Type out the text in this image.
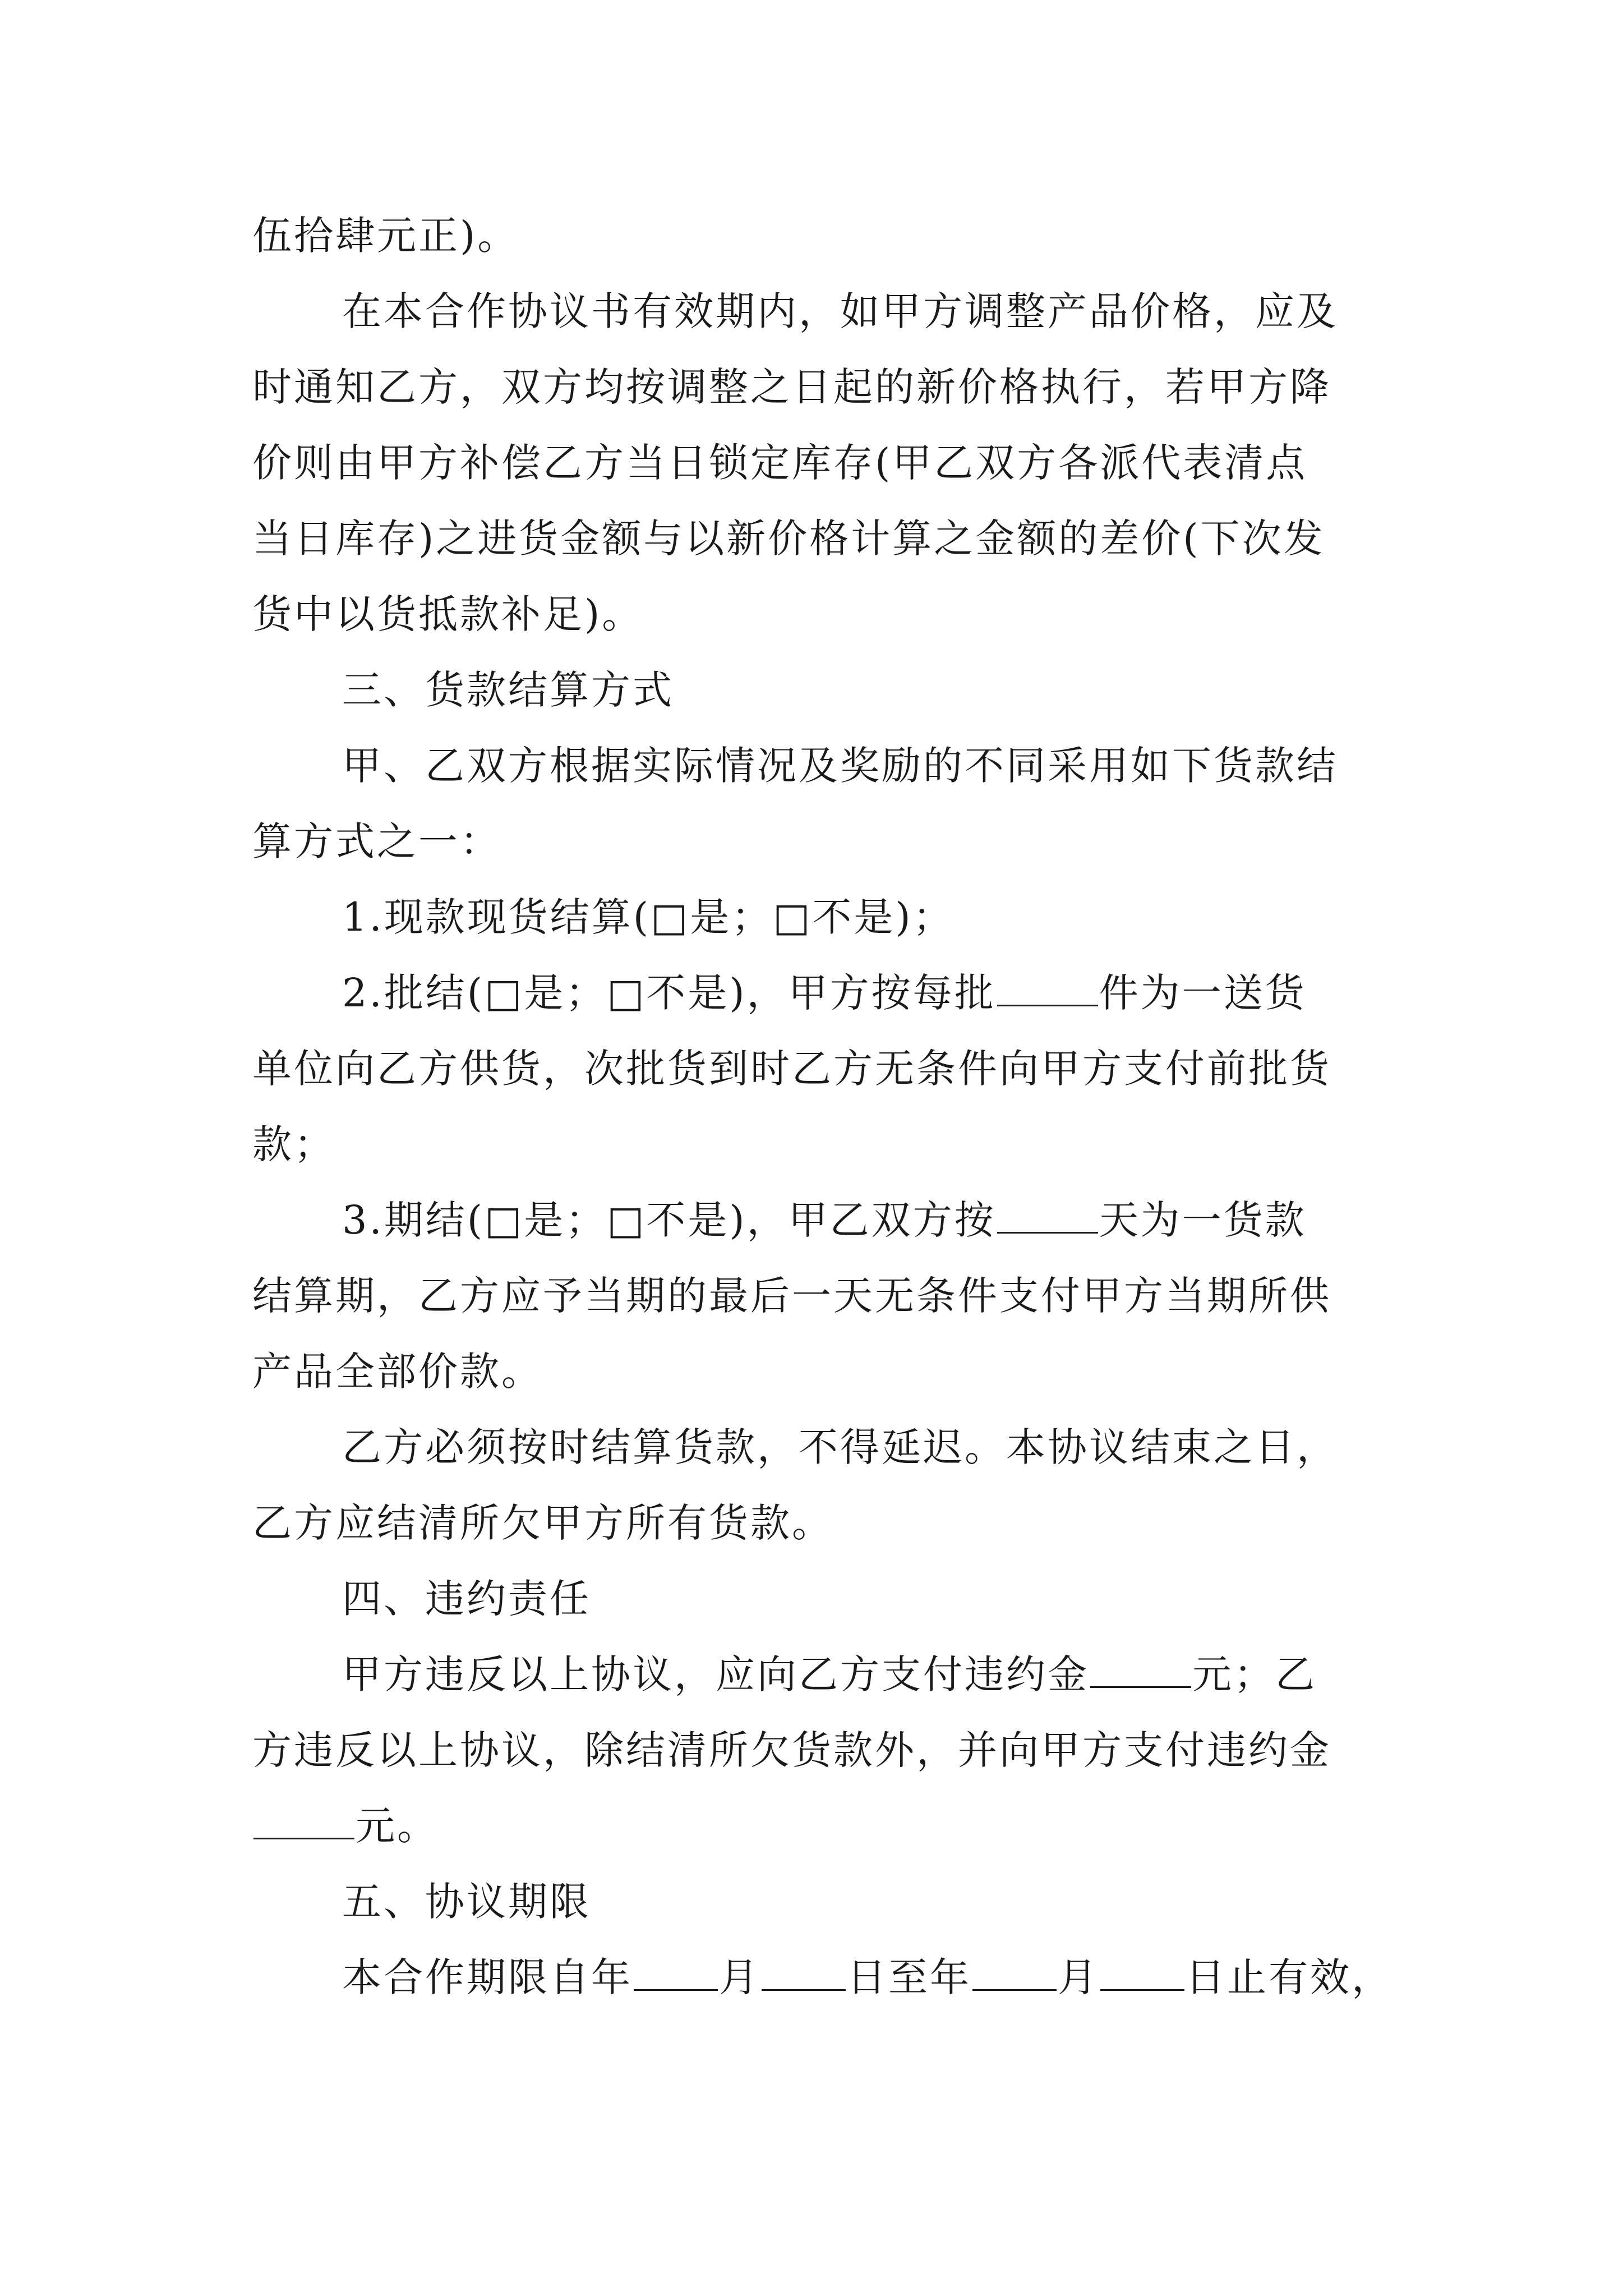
伍拾肆元正)。
在本合作协议书有效期内，如甲方调整产品价格，应及
时通知乙方，双方均按调整之日起的新价格执行，若甲方降
价则由甲方补偿乙方当日锁定库存(甲乙双方各派代表清点
当日库存)之进货金额与以新价格计算之金额的差价(下次发
货中以货抵款补足)。
三、货款结算方式
甲、乙双方根据实际情况及奖励的不同采用如下货款结
算方式之一：
1.现款现货结算(□是；□不是)；
2.批结(□是；□不是)，甲方按每批	件为一送货
单位向乙方供货，次批货到时乙方无条件向甲方支付前批货
款；
3.期结(□是；□不是)，甲乙双方按	天为一货款
结算期，乙方应予当期的最后一天无条件支付甲方当期所供
产品全部价款。
乙方必须按时结算货款，不得延迟。本协议结束之日，
乙方应结清所欠甲方所有货款。
四、违约责任
甲方违反以上协议，应向乙方支付违约金	元；乙
方违反以上协议，除结清所欠货款外，并向甲方支付违约金
元。
五、协议期限
本合作期限自年 月 日至年 月 日止有效，
